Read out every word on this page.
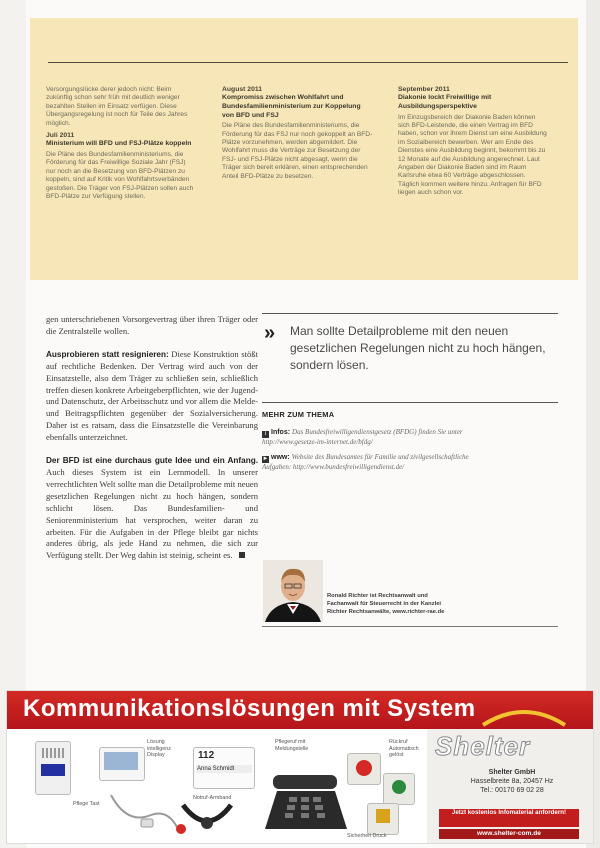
Versorgungslücke derer jedoch nicht: Beim zukünftig schon sehr früh mit deutlich weniger bezahlten Stellen im Einsatz verfügen. Diese Übergangsregelung ist noch für Teile des Jahres möglich.

Juli 2011
Ministerium will BFD und FSJ-Plätze koppeln

Die Pläne des Bundesfamilienministeriums, die Förderung für das Freiwillige Soziale Jahr (FSJ) nur noch an die Besetzung von BFD-Plätzen zu koppeln, sind auf Kritik von Wohlfahrtsverbänden gestoßen. Die Träger von FSJ-Plätzen sollen auch BFD-Plätze zur Verfügung stellen.

August 2011
Kompromiss zwischen Wohlfahrt und Bundesfamilienministerium zur Koppelung von BFD und FSJ

Die Pläne des Bundesfamilienministeriums, die Förderung für das FSJ nur noch gekoppelt an BFD-Plätze vorzunehmen, werden abgemildert. Die Wohlfahrt muss die Verträge zur Besetzung der FSJ- und FSJ-Plätze nicht abgesagt, wenn die Träger sich bereit erklären, einen entsprechenden Anteil BFD-Plätze zu besetzen.

September 2011
Diakonie lockt Freiwillige mit Ausbildungsperspektive

Im Einzugsbereich der Diakonie Baden können sich BFD-Leistende, die einen Vertrag im BFD haben, schon vor ihrem Dienst um eine Ausbildung im Sozialbereich bewerben. Wer am Ende des Dienstes eine Ausbildung beginnt, bekommt bis zu 12 Monate auf die Ausbildung angerechnet. Laut Angaben der Diakonie Baden sind im Raum Karlsruhe etwa 60 Verträge abgeschlossen. Täglich kommen weitere hinzu. Anfragen für BFD liegen auch schon vor.

gen unterschriebenen Vorsorgevertrag über ihren Träger oder die Zentralstelle wollen.

Ausprobieren statt resignieren: Diese Konstruktion stößt auf rechtliche Bedenken. Der Vertrag wird auch von der Einsatzstelle, also dem Träger zu schließen sein, schließlich treffen diesen konkrete Arbeitgeberpflichten, wie der Jugend- und Datenschutz, der Arbeitsschutz und vor allem die Melde- und Beitragspflichten gegenüber der Sozialversicherung. Daher ist es ratsam, dass die Einsatzstelle die Vereinbarung ebenfalls unterzeichnet.

Der BFD ist eine durchaus gute Idee und ein Anfang. Auch dieses System ist ein Lernmodell. In unserer verrechtlichten Welt sollte man die Detailprobleme mit neuen gesetzlichen Regelungen nicht zu hoch hängen, sondern schlicht lösen. Das Bundesfamilien- und Seniorenministerium hat versprochen, weiter daran zu arbeiten. Für die Aufgaben in der Pflege bleibt gar nichts anderes übrig, als jede Hand zu nehmen, die sich zur Verfügung stellt. Der Weg dahin ist steinig, scheint es.

» Man sollte Detailprobleme mit den neuen gesetzlichen Regelungen nicht zu hoch hängen, sondern lösen.
MEHR ZUM THEMA
i Infos: Das Bundesfreiwilligendienstgesetz (BFDG) finden Sie unter http://www.gesetze-im-internet.de/bfdg/
► www: Website des Bundesamtes für Familie und zivilgesellschaftliche Aufgaben: http://www.bundesfreiwilligendienst.de/
Ronald Richter ist Rechtsanwalt und
Fachanwalt für Steuerrecht in der Kanzlei
Richter Rechtsanwälte, www.richter-rae.de
Kommunikationslösungen mit System
Shelter
Shelter GmbH
Hasselbreite 8a, 20457 Hz
Tel.: 00170 69 02 28
Jetzt kostenlos Infomaterial anfordern!
www.shelter-com.de
Pflege Tast
Lösung intelligenz Display	112
Anna Schmidt
Notruf-Armband
Pflegeruf mit Meldungstelle
Rückruf Automatisch gelöst
Sicherheit Druck
